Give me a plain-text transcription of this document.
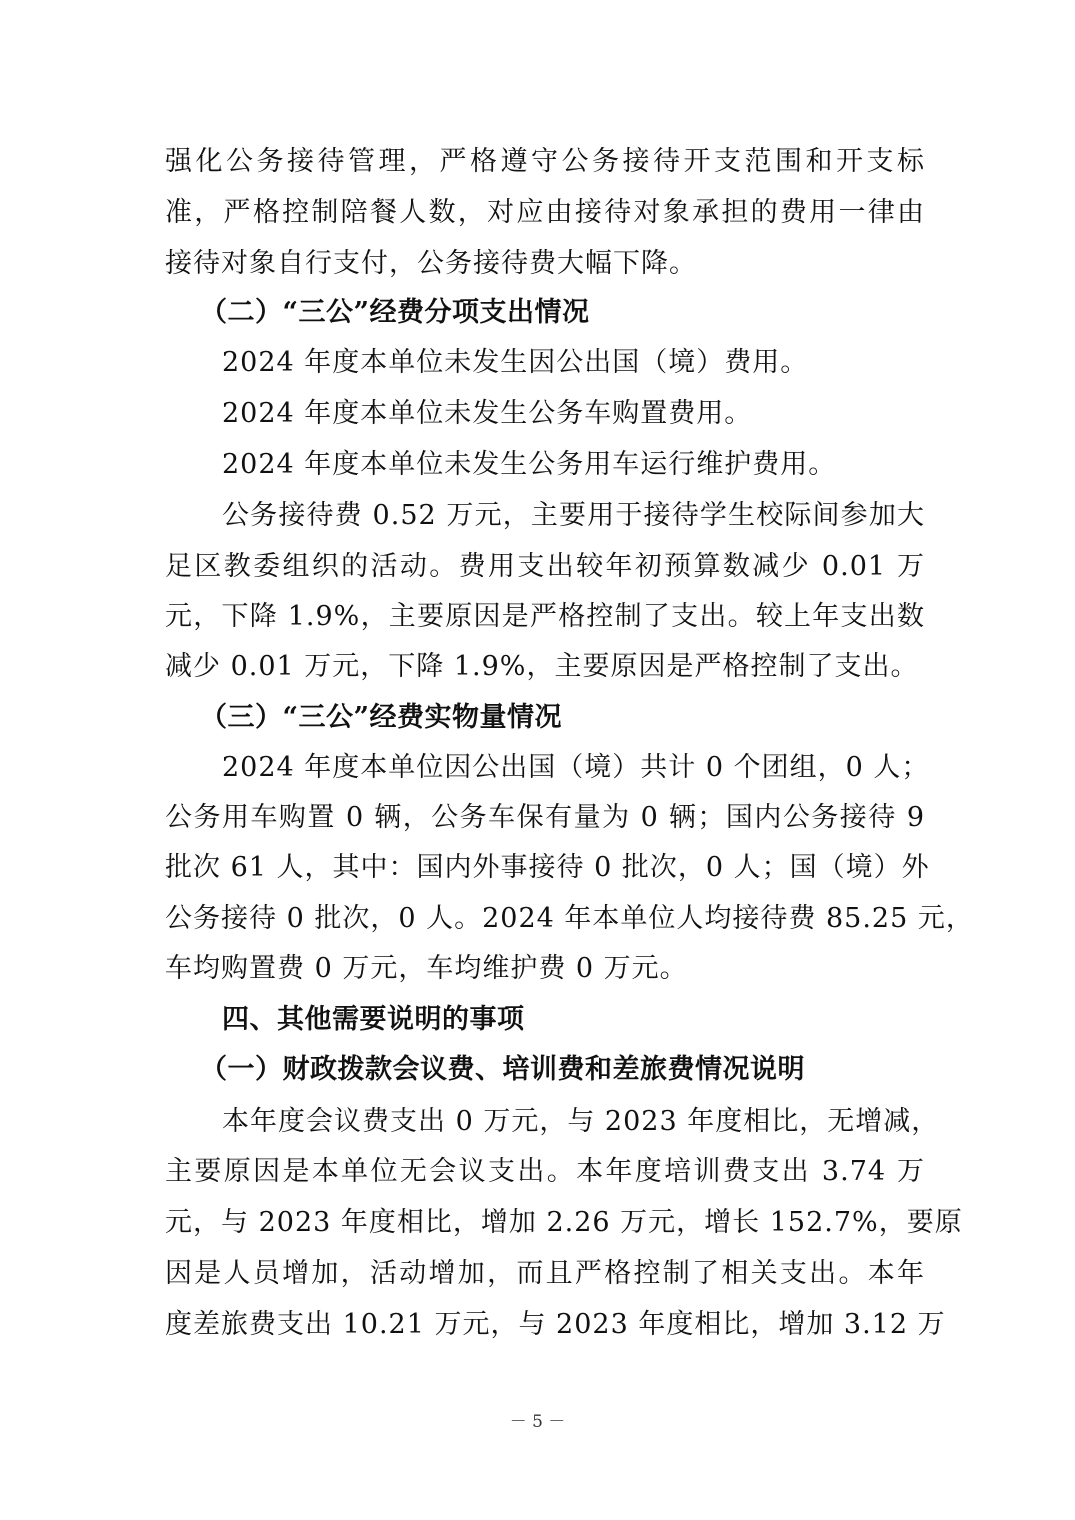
强化公务接待管理，严格遵守公务接待开支范围和开支标
准，严格控制陪餐人数，对应由接待对象承担的费用一律由
接待对象自行支付，公务接待费大幅下降。
（二）“三公”经费分项支出情况
2024 年度本单位未发生因公出国（境）费用。
2024 年度本单位未发生公务车购置费用。
2024 年度本单位未发生公务用车运行维护费用。
公务接待费 0.52 万元，主要用于接待学生校际间参加大
足区教委组织的活动。费用支出较年初预算数减少 0.01 万
元，下降 1.9%，主要原因是严格控制了支出。较上年支出数
减少 0.01 万元，下降 1.9%，主要原因是严格控制了支出。
（三）“三公”经费实物量情况
2024 年度本单位因公出国（境）共计 0 个团组，0 人；
公务用车购置 0 辆，公务车保有量为 0 辆；国内公务接待 9
批次 61 人，其中：国内外事接待 0 批次，0 人；国（境）外
公务接待 0 批次，0 人。2024 年本单位人均接待费 85.25 元，
车均购置费 0 万元，车均维护费 0 万元。
四、其他需要说明的事项
（一）财政拨款会议费、培训费和差旅费情况说明
本年度会议费支出 0 万元，与 2023 年度相比，无增减，
主要原因是本单位无会议支出。本年度培训费支出 3.74 万
元，与 2023 年度相比，增加 2.26 万元，增长 152.7%，要原
因是人员增加，活动增加，而且严格控制了相关支出。本年
度差旅费支出 10.21 万元，与 2023 年度相比，增加 3.12 万
－ 5 －
